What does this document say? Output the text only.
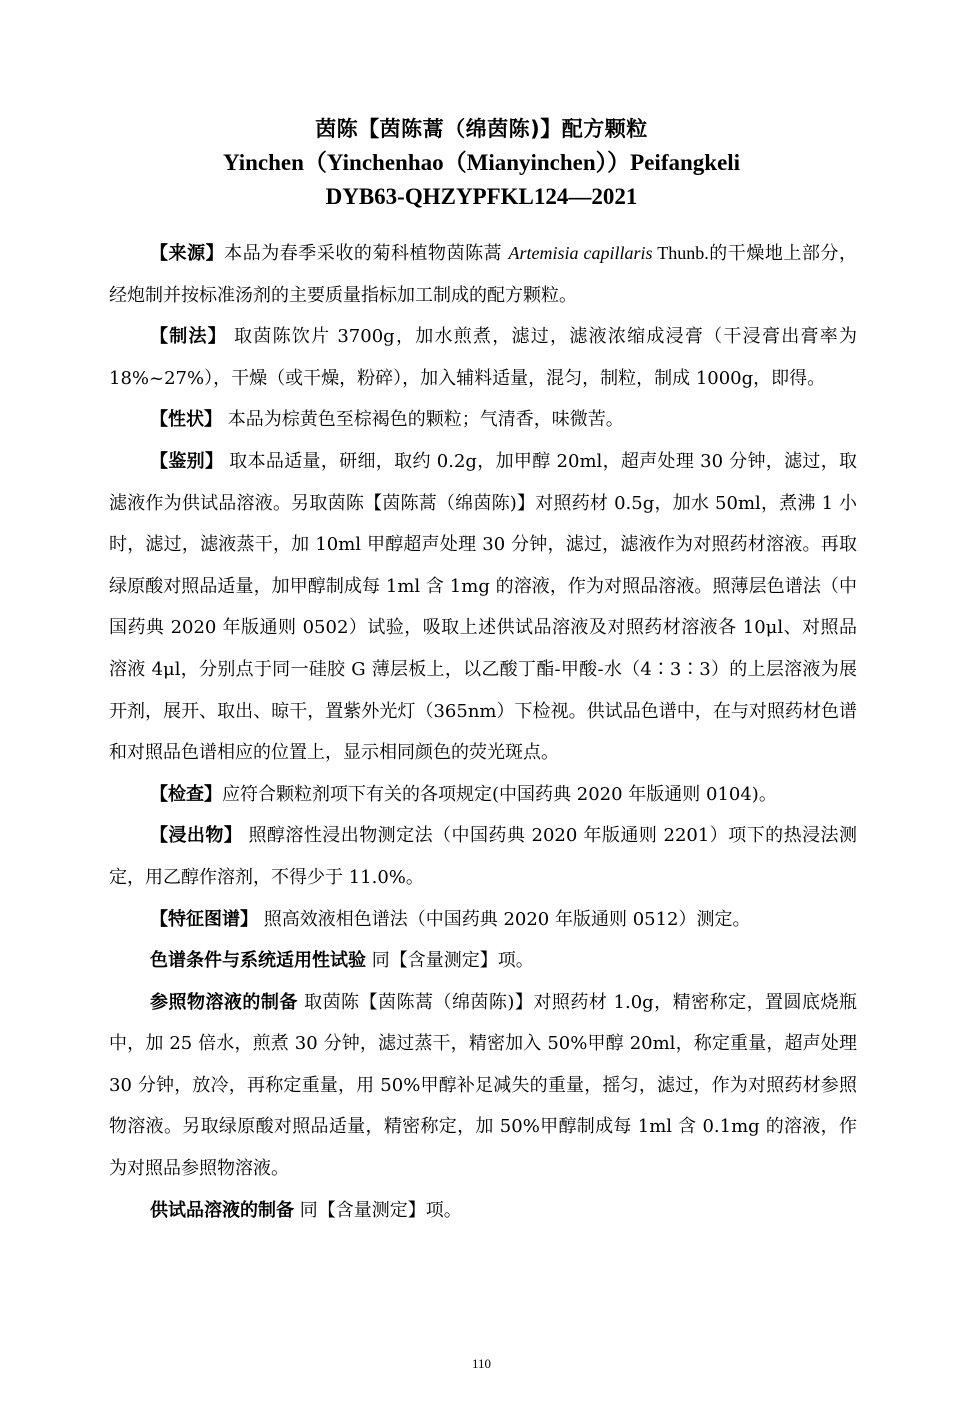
茵陈【茵陈蒿（绵茵陈)】配方颗粒
Yinchen（Yinchenhao（Mianyinchen））Peifangkeli
DYB63-QHZYPFKL124—2021

【来源】本品为春季采收的菊科植物茵陈蒿 Artemisia capillaris Thunb.的干燥地上部分，经炮制并按标准汤剂的主要质量指标加工制成的配方颗粒。

【制法】 取茵陈饮片 3700g，加水煎煮，滤过，滤液浓缩成浸膏（干浸膏出膏率为 18%~27%），干燥（或干燥，粉碎），加入辅料适量，混匀，制粒，制成 1000g，即得。

【性状】 本品为棕黄色至棕褐色的颗粒；气清香，味微苦。

【鉴别】 取本品适量，研细，取约 0.2g，加甲醇 20ml，超声处理 30 分钟，滤过，取滤液作为供试品溶液。另取茵陈【茵陈蒿（绵茵陈)】对照药材 0.5g，加水 50ml，煮沸 1 小时，滤过，滤液蒸干，加 10ml 甲醇超声处理 30 分钟，滤过，滤液作为对照药材溶液。再取绿原酸对照品适量，加甲醇制成每 1ml 含 1mg 的溶液，作为对照品溶液。照薄层色谱法（中国药典 2020 年版通则 0502）试验，吸取上述供试品溶液及对照药材溶液各 10μl、对照品溶液 4μl，分别点于同一硅胶 G 薄层板上，以乙酸丁酯-甲酸-水（4∶3∶3）的上层溶液为展开剂，展开、取出、晾干，置紫外光灯（365nm）下检视。供试品色谱中，在与对照药材色谱和对照品色谱相应的位置上，显示相同颜色的荧光斑点。

【检查】应符合颗粒剂项下有关的各项规定(中国药典 2020 年版通则 0104)。

【浸出物】 照醇溶性浸出物测定法（中国药典 2020 年版通则 2201）项下的热浸法测定，用乙醇作溶剂，不得少于 11.0%。

【特征图谱】 照高效液相色谱法（中国药典 2020 年版通则 0512）测定。

色谱条件与系统适用性试验 同【含量测定】项。

参照物溶液的制备 取茵陈【茵陈蒿（绵茵陈)】对照药材 1.0g，精密称定，置圆底烧瓶中，加 25 倍水，煎煮 30 分钟，滤过蒸干，精密加入 50%甲醇 20ml，称定重量，超声处理 30 分钟，放冷，再称定重量，用 50%甲醇补足减失的重量，摇匀，滤过，作为对照药材参照物溶液。另取绿原酸对照品适量，精密称定，加 50%甲醇制成每 1ml 含 0.1mg 的溶液，作为对照品参照物溶液。

供试品溶液的制备 同【含量测定】项。

110
